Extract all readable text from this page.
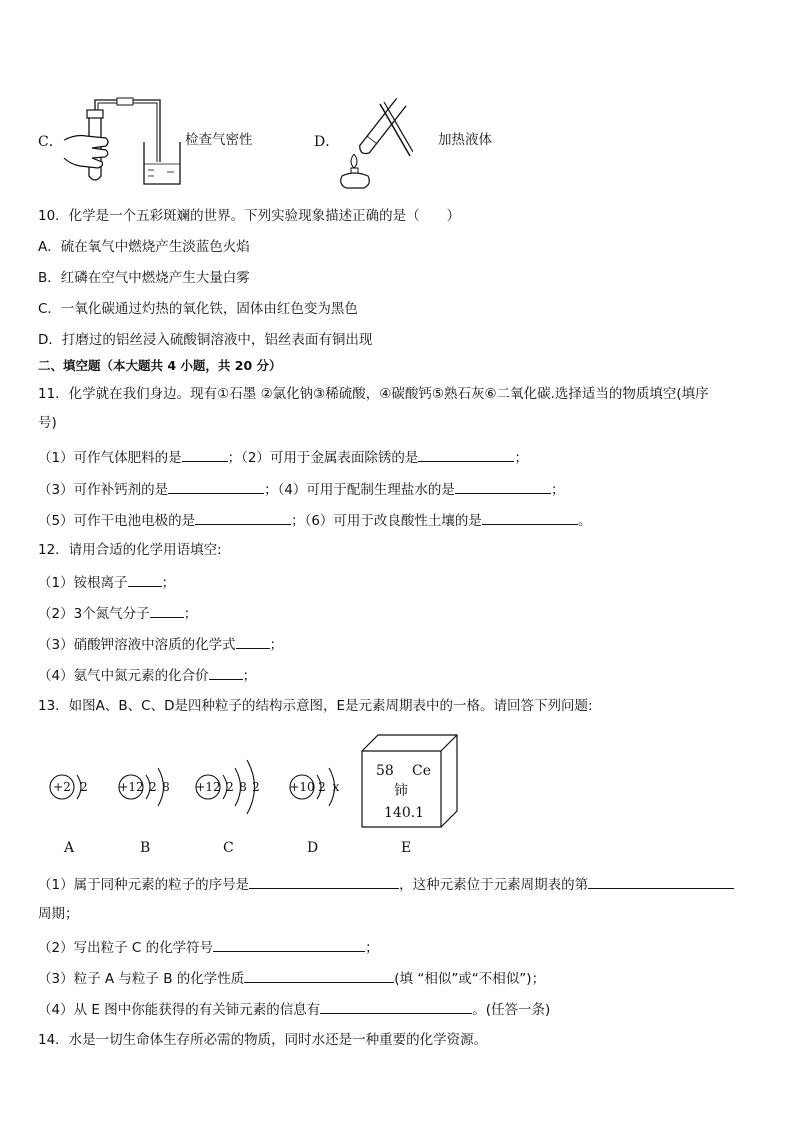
C．	检查气密性	D．	加热液体
10．化学是一个五彩斑斓的世界。下列实验现象描述正确的是（　　）
A．硫在氧气中燃烧产生淡蓝色火焰
B．红磷在空气中燃烧产生大量白雾
C．一氧化碳通过灼热的氧化铁，固体由红色变为黑色
D．打磨过的铝丝浸入硫酸铜溶液中，铝丝表面有铜出现
二、填空题（本大题共 4 小题，共 20 分）
11．化学就在我们身边。现有①石墨 ②氯化钠③稀硫酸，④碳酸钙⑤熟石灰⑥二氧化碳.选择适当的物质填空(填序
号)
（1）可作气体肥料的是	；（2）可用于金属表面除锈的是	；
（3）可作补钙剂的是	；（4）可用于配制生理盐水的是	；
（5）可作干电池电极的是	；（6）可用于改良酸性土壤的是	。
12．请用合适的化学用语填空:
（1）铵根离子	；
（2）3个氮气分子	；
（3）硝酸钾溶液中溶质的化学式	；
（4）氨气中氮元素的化合价	；
13．如图A、B、C、D是四种粒子的结构示意图，E是元素周期表中的一格。请回答下列问题:
+2 2	+12 2 8 +12 2 8 2 +10 2 x
58 Ce
铈
140.1
A	B	C	D	E
（1）属于同种元素的粒子的序号是	，这种元素位于元素周期表的第
周期；
（2）写出粒子 C 的化学符号	；
（3）粒子 A 与粒子 B 的化学性质	(填 “相似”或“不相似”)；
（4）从 E 图中你能获得的有关铈元素的信息有	。(任答一条)
14．水是一切生命体生存所必需的物质，同时水还是一种重要的化学资源。
